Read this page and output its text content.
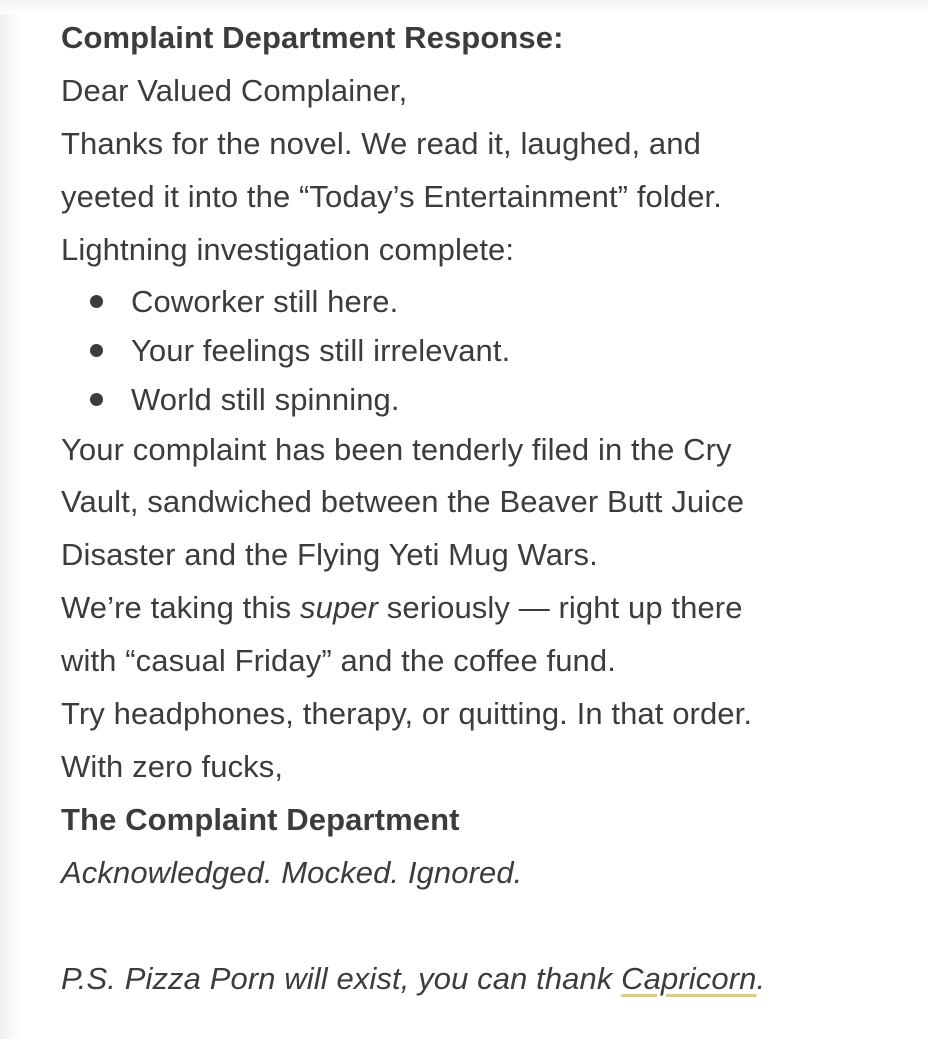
Complaint Department Response:
Dear Valued Complainer,
Thanks for the novel. We read it, laughed, and
yeeted it into the “Today’s Entertainment” folder.
Lightning investigation complete:
Coworker still here.
Your feelings still irrelevant.
World still spinning.
Your complaint has been tenderly filed in the Cry
Vault, sandwiched between the Beaver Butt Juice
Disaster and the Flying Yeti Mug Wars.
We’re taking this super seriously — right up there
with “casual Friday” and the coffee fund.
Try headphones, therapy, or quitting. In that order.
With zero fucks,
The Complaint Department
Acknowledged. Mocked. Ignored.
P.S. Pizza Porn will exist, you can thank Capricorn.
